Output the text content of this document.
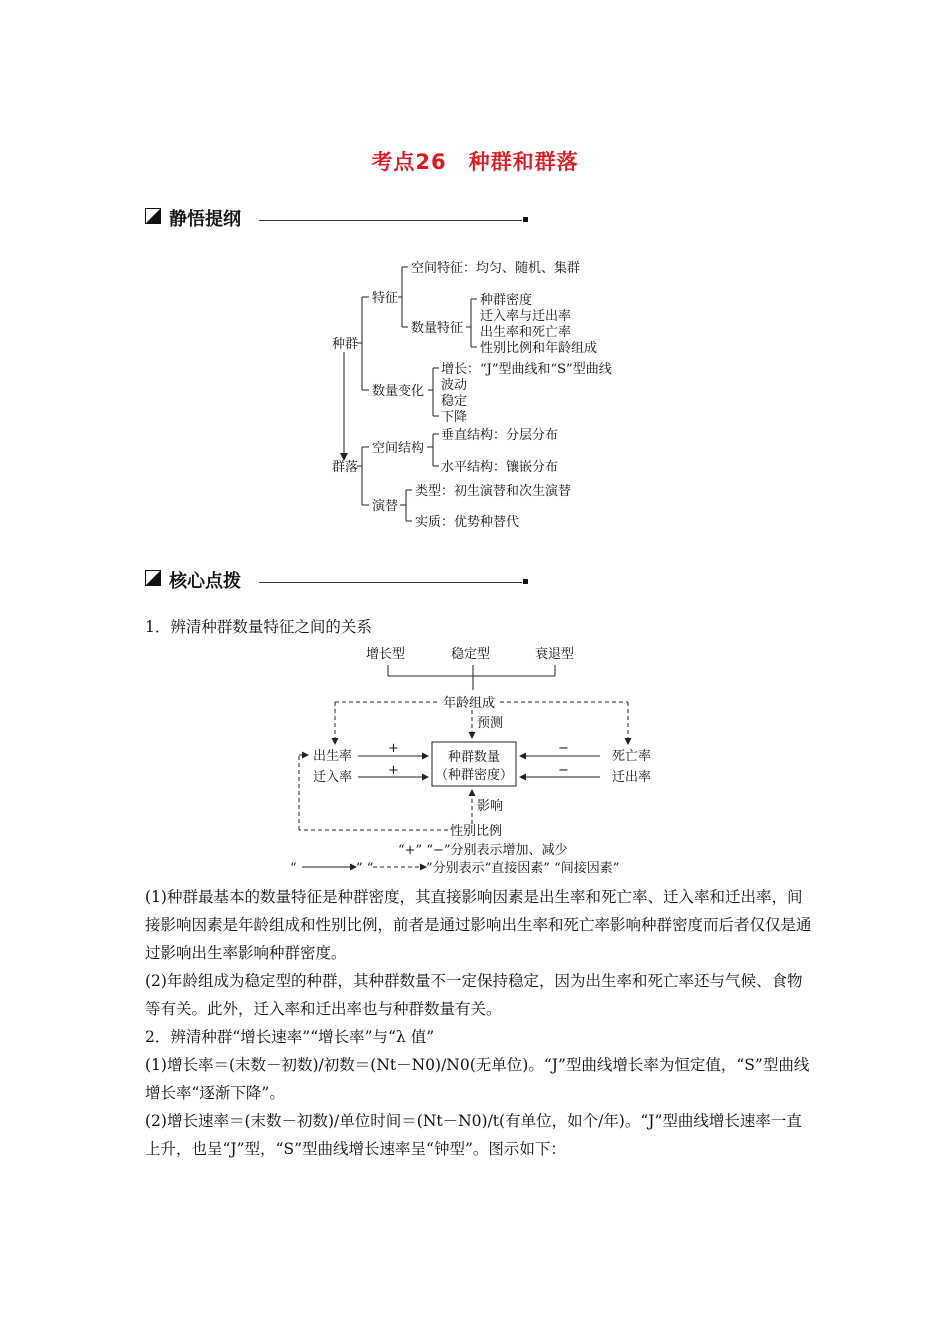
考点26　种群和群落
静悟提纲
种群
群落
特征
空间特征：均匀、随机、集群
数量特征
种群密度
迁入率与迁出率
出生率和死亡率
性别比例和年龄组成
数量变化
增长：“J”型曲线和“S”型曲线
波动
稳定
下降
空间结构
垂直结构：分层分布
水平结构：镶嵌分布
演替
类型：初生演替和次生演替
实质：优势种替代
核心点拨

1．辨清种群数量特征之间的关系

增长型	稳定型	衰退型
年龄组成
预测
出生率
迁入率
死亡率
迁出率
种群数量
（种群密度）
+
+
−
−
影响
性别比例
“+” “−”分别表示增加、减少
“	” “	”分别表示“直接因素” “间接因素”

(1)种群最基本的数量特征是种群密度，其直接影响因素是出生率和死亡率、迁入率和迁出率，间接影响因素是年龄组成和性别比例，前者是通过影响出生率和死亡率影响种群密度而后者仅仅是通过影响出生率影响种群密度。

(2)年龄组成为稳定型的种群，其种群数量不一定保持稳定，因为出生率和死亡率还与气候、食物等有关。此外，迁入率和迁出率也与种群数量有关。

2．辨清种群“增长速率”“增长率”与“λ 值”

(1)增长率＝(末数－初数)/初数＝(Nt－N0)/N0(无单位)。“J”型曲线增长率为恒定值，“S”型曲线增长率“逐渐下降”。

(2)增长速率＝(末数－初数)/单位时间＝(Nt－N0)/t(有单位，如个/年)。“J”型曲线增长速率一直上升，也呈“J”型，“S”型曲线增长速率呈“钟型”。图示如下：
